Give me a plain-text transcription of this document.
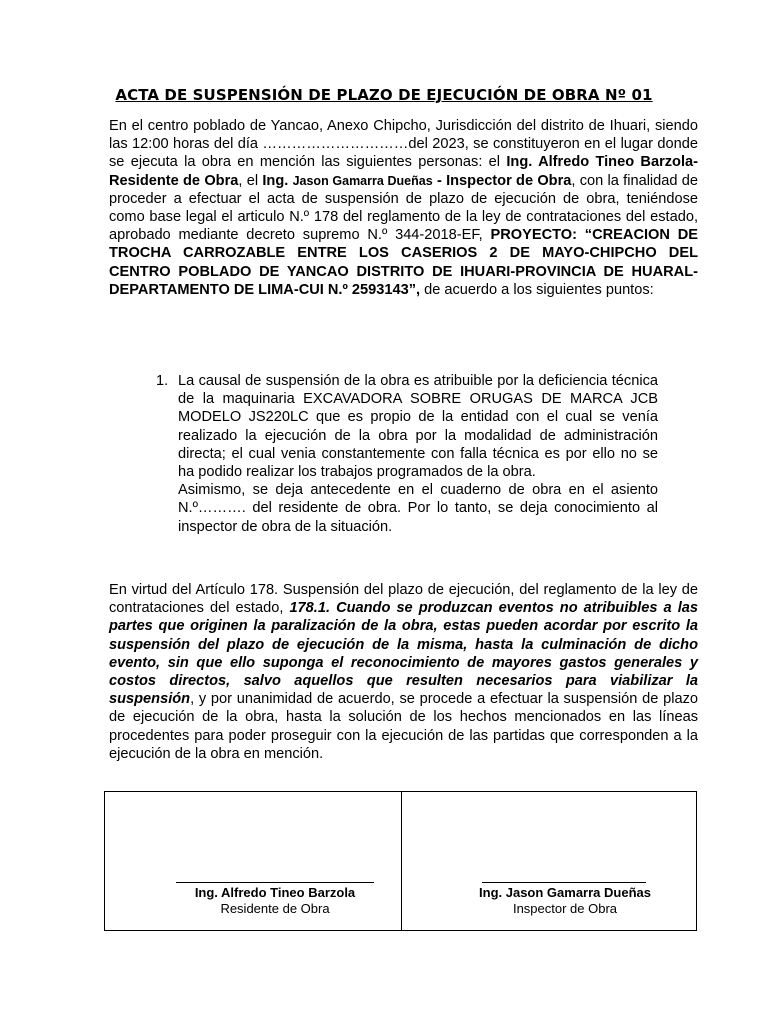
ACTA DE SUSPENSIÓN DE PLAZO DE EJECUCIÓN DE OBRA Nº 01
En el centro poblado de Yancao, Anexo Chipcho, Jurisdicción del distrito de Ihuari, siendo las 12:00 horas del día …………………………del 2023, se constituyeron en el lugar donde se ejecuta la obra en mención las siguientes personas: el Ing. Alfredo Tineo Barzola- Residente de Obra, el Ing. Jason Gamarra Dueñas - Inspector de Obra, con la finalidad de proceder a efectuar el acta de suspensión de plazo de ejecución de obra, teniéndose como base legal el articulo N.º 178 del reglamento de la ley de contrataciones del estado, aprobado mediante decreto supremo N.º 344-2018-EF, PROYECTO: “CREACION DE TROCHA CARROZABLE ENTRE LOS CASERIOS 2 DE MAYO-CHIPCHO DEL CENTRO POBLADO DE YANCAO DISTRITO DE IHUARI-PROVINCIA DE HUARAL-DEPARTAMENTO DE LIMA-CUI N.º 2593143”, de acuerdo a los siguientes puntos:
1. La causal de suspensión de la obra es atribuible por la deficiencia técnica de la maquinaria EXCAVADORA SOBRE ORUGAS DE MARCA JCB MODELO JS220LC que es propio de la entidad con el cual se venía realizado la ejecución de la obra por la modalidad de administración directa; el cual venia constantemente con falla técnica es por ello no se ha podido realizar los trabajos programados de la obra.
Asimismo, se deja antecedente en el cuaderno de obra en el asiento N.º………. del residente de obra. Por lo tanto, se deja conocimiento al inspector de obra de la situación.
En virtud del Artículo 178. Suspensión del plazo de ejecución, del reglamento de la ley de contrataciones del estado, 178.1. Cuando se produzcan eventos no atribuibles a las partes que originen la paralización de la obra, estas pueden acordar por escrito la suspensión del plazo de ejecución de la misma, hasta la culminación de dicho evento, sin que ello suponga el reconocimiento de mayores gastos generales y costos directos, salvo aquellos que resulten necesarios para viabilizar la suspensión, y por unanimidad de acuerdo, se procede a efectuar la suspensión de plazo de ejecución de la obra, hasta la solución de los hechos mencionados en las líneas procedentes para poder proseguir con la ejecución de las partidas que corresponden a la ejecución de la obra en mención.
Ing. Alfredo Tineo Barzola
Residente de Obra
Ing. Jason Gamarra Dueñas
Inspector de Obra
